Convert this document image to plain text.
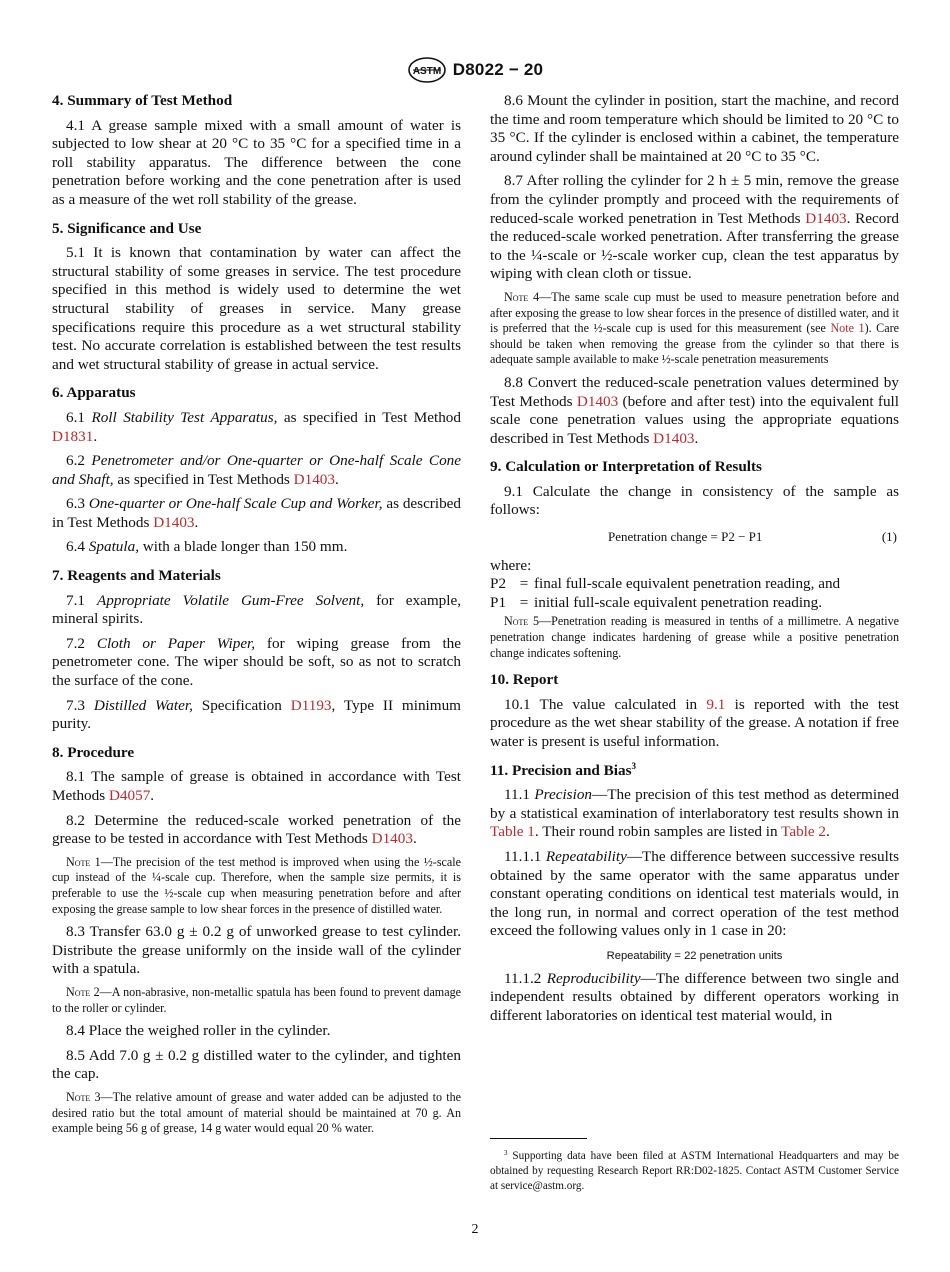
ASTM D8022 − 20
4. Summary of Test Method

4.1 A grease sample mixed with a small amount of water is subjected to low shear at 20 °C to 35 °C for a specified time in a roll stability apparatus. The difference between the cone penetration before working and the cone penetration after is used as a measure of the wet roll stability of the grease.

5. Significance and Use

5.1 It is known that contamination by water can affect the structural stability of some greases in service. The test procedure specified in this method is widely used to determine the wet structural stability of greases in service. Many grease specifications require this procedure as a wet structural stability test. No accurate correlation is established between the test results and wet structural stability of grease in actual service.

6. Apparatus

6.1 Roll Stability Test Apparatus, as specified in Test Method D1831.

6.2 Penetrometer and/or One-quarter or One-half Scale Cone and Shaft, as specified in Test Methods D1403.

6.3 One-quarter or One-half Scale Cup and Worker, as described in Test Methods D1403.

6.4 Spatula, with a blade longer than 150 mm.

7. Reagents and Materials

7.1 Appropriate Volatile Gum-Free Solvent, for example, mineral spirits.

7.2 Cloth or Paper Wiper, for wiping grease from the penetrometer cone. The wiper should be soft, so as not to scratch the surface of the cone.

7.3 Distilled Water, Specification D1193, Type II minimum purity.

8. Procedure

8.1 The sample of grease is obtained in accordance with Test Methods D4057.

8.2 Determine the reduced-scale worked penetration of the grease to be tested in accordance with Test Methods D1403.

Note 1—The precision of the test method is improved when using the ½-scale cup instead of the ¼-scale cup. Therefore, when the sample size permits, it is preferable to use the ½-scale cup when measuring penetration before and after exposing the grease sample to low shear forces in the presence of distilled water.

8.3 Transfer 63.0 g ± 0.2 g of unworked grease to test cylinder. Distribute the grease uniformly on the inside wall of the cylinder with a spatula.

Note 2—A non-abrasive, non-metallic spatula has been found to prevent damage to the roller or cylinder.

8.4 Place the weighed roller in the cylinder.

8.5 Add 7.0 g ± 0.2 g distilled water to the cylinder, and tighten the cap.

Note 3—The relative amount of grease and water added can be adjusted to the desired ratio but the total amount of material should be maintained at 70 g. An example being 56 g of grease, 14 g water would equal 20 % water.

8.6 Mount the cylinder in position, start the machine, and record the time and room temperature which should be limited to 20 °C to 35 °C. If the cylinder is enclosed within a cabinet, the temperature around cylinder shall be maintained at 20 °C to 35 °C.

8.7 After rolling the cylinder for 2 h ± 5 min, remove the grease from the cylinder promptly and proceed with the requirements of reduced-scale worked penetration in Test Methods D1403. Record the reduced-scale worked penetration. After transferring the grease to the ¼-scale or ½-scale worker cup, clean the test apparatus by wiping with clean cloth or tissue.

Note 4—The same scale cup must be used to measure penetration before and after exposing the grease to low shear forces in the presence of distilled water, and it is preferred that the ½-scale cup is used for this measurement (see Note 1). Care should be taken when removing the grease from the cylinder so that there is adequate sample available to make ½-scale penetration measurements

8.8 Convert the reduced-scale penetration values determined by Test Methods D1403 (before and after test) into the equivalent full scale cone penetration values using the appropriate equations described in Test Methods D1403.

9. Calculation or Interpretation of Results

9.1 Calculate the change in consistency of the sample as follows:

Penetration change = P2 − P1	(1)

where:

P2 = final full-scale equivalent penetration reading, and
P1 = initial full-scale equivalent penetration reading.
Note 5—Penetration reading is measured in tenths of a millimetre. A negative penetration change indicates hardening of grease while a positive penetration change indicates softening.
10. Report

10.1 The value calculated in 9.1 is reported with the test procedure as the wet shear stability of the grease. A notation if free water is present is useful information.

11. Precision and Bias$^3$

11.1 Precision—The precision of this test method as determined by a statistical examination of interlaboratory test results shown in Table 1. Their round robin samples are listed in Table 2.

11.1.1 Repeatability—The difference between successive results obtained by the same operator with the same apparatus under constant operating conditions on identical test materials would, in the long run, in normal and correct operation of the test method exceed the following values only in 1 case in 20:

Repeatability = 22 penetration units

11.1.2 Reproducibility—The difference between two single and independent results obtained by different operators working in different laboratories on identical test material would, in

$^3$ Supporting data have been filed at ASTM International Headquarters and may be obtained by requesting Research Report RR:D02-1825. Contact ASTM Customer Service at service@astm.org.
2
